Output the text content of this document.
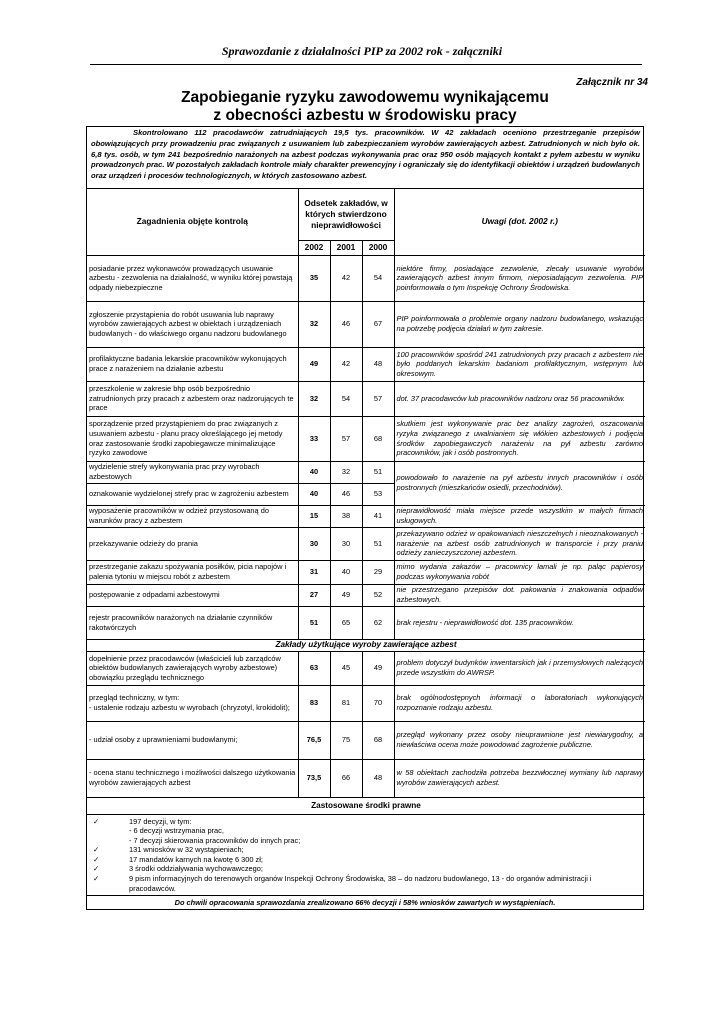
Sprawozdanie z działalności PIP za 2002 rok - załączniki
Załącznik nr 34
Zapobieganie ryzyku zawodowemu wynikającemu
z obecności azbestu w środowisku pracy
Skontrolowano 112 pracodawców zatrudniających 19,5 tys. pracowników. W 42 zakładach oceniono przestrzeganie przepisów obowiązujących przy prowadzeniu prac związanych z usuwaniem lub zabezpieczaniem wyrobów zawierających azbest. Zatrudnionych w nich było ok. 6,8 tys. osób, w tym 241 bezpośrednio narażonych na azbest podczas wykonywania prac oraz 950 osób mających kontakt z pyłem azbestu w wyniku prowadzonych prac. W pozostałych zakładach kontrole miały charakter prewencyjny i ograniczały się do identyfikacji obiektów i urządzeń budowlanych oraz urządzeń i procesów technologicznych, w których zastosowano azbest.
Zagadnienia objęte kontrolą	Odsetek zakładów, w których stwierdzono nieprawidłowości			Uwagi (dot. 2002 r.)
	2002	2001	2000	
posiadanie przez wykonawców prowadzących usuwanie azbestu - zezwolenia na działalność, w wyniku której powstają odpady niebezpieczne	35	42	54	niektóre firmy, posiadające zezwolenie, zlecały usuwanie wyrobów zawierających azbest innym firmom, nieposiadającym zezwolenia. PIP poinformowała o tym Inspekcję Ochrony Środowiska.
zgłoszenie przystąpienia do robót usuwania lub naprawy wyrobów zawierających azbest w obiektach i urządzeniach budowlanych - do właściwego organu nadzoru budowlanego	32	46	67	PIP poinformowała o problemie organy nadzoru budowlanego, wskazując na potrzebę podjęcia działań w tym zakresie.
profilaktyczne badania lekarskie pracowników wykonujących prace z narażeniem na działanie azbestu	49	42	48	100 pracowników spośród 241 zatrudnionych przy pracach z azbestem nie było poddanych lekarskim badaniom profilaktycznym, wstępnym lub okresowym.
przeszkolenie w zakresie bhp osób bezpośrednio zatrudnionych przy pracach z azbestem oraz nadzorujących te prace	32	54	57	dot. 37 pracodawców lub pracowników nadzoru oraz 56 pracowników.
sporządzenie przed przystąpieniem do prac związanych z usuwaniem azbestu - planu pracy określającego jej metody oraz zastosowanie środki zapobiegawcze minimalizujące ryzyko zawodowe	33	57	68	skutkiem jest wykonywanie prac bez analizy zagrożeń, oszacowania ryzyka związanego z uwalnianiem się włókien azbestowych i podjęcia środków zapobiegawczych narażeniu na pył azbestu zarówno pracowników, jak i osób postronnych.
wydzielenie strefy wykonywania prac przy wyrobach azbestowych	40	32	51	powodowało to narażenie na pył azbestu innych pracowników i osób postronnych (mieszkańców osiedli, przechodniów).
oznakowanie wydzielonej strefy prac w zagrożeniu azbestem	40	46	53	
wyposażenie pracowników w odzież przystosowaną do warunków pracy z azbestem	15	38	41	nieprawidłowość miała miejsce przede wszystkim w małych firmach usługowych.
przekazywanie odzieży do prania	30	30	51	przekazywano odzież w opakowaniach nieszczelnych i nieoznakowanych - narażenie na azbest osób zatrudnionych w transporcie i przy praniu odzieży zanieczyszczonej azbestem.
przestrzeganie zakazu spożywania posiłków, picia napojów i palenia tytoniu w miejscu robót z azbestem	31	40	29	mimo wydania zakazów – pracownicy łamali je np. paląc papierosy podczas wykonywania robót
postępowanie z odpadami azbestowymi	27	49	52	nie przestrzegano przepisów dot. pakowania i znakowania odpadów azbestowych.
rejestr pracowników narażonych na działanie czynników rakotwórczych	51	65	62	brak rejestru - nieprawidłowość dot. 135 pracowników.
Zakłady użytkujące wyroby zawierające azbest				
dopełnienie przez pracodawców (właścicieli lub zarządców obiektów budowlanych zawierających wyroby azbestowe) obowiązku przeglądu technicznego	63	45	49	problem dotyczył budynków inwentarskich jak i przemysłowych należących przede wszystkim do AWRSP.

przegląd techniczny, w tym:
- ustalenie rodzaju azbestu w wyrobach (chryzotyl, krokidolit);	83	81	70	brak ogólnodostępnych informacji o laboratoriach wykonujących rozpoznanie rodzaju azbestu.
- udział osoby z uprawnieniami budowlanymi;	76,5	75	68	przegląd wykonany przez osoby nieuprawnione jest niewiarygodny, a niewłaściwa ocena może powodować zagrożenie publiczne.
- ocena stanu technicznego i możliwości dalszego użytkowania wyrobów zawierających azbest	73,5	66	48	w 58 obiektach zachodziła potrzeba bezzwłocznej wymiany lub naprawy wyrobów zawierających azbest.
Zastosowane środki prawne				
✓	197 decyzji, w tym:
- 6 decyzji wstrzymania prac,
- 7 decyzji skierowania pracowników do innych prac;
✓	131 wniosków w 32 wystąpieniach;
✓	17 mandatów karnych na kwotę 6 300 zł;
✓	3 środki oddziaływania wychowawczego;
✓	9 pism informacyjnych do terenowych organów Inspekcji Ochrony Środowiska, 38 – do nadzoru budowlanego, 13 - do organów administracji i pracodawców.
Do chwili opracowania sprawozdania zrealizowano 66% decyzji i 58% wniosków zawartych w wystąpieniach.
